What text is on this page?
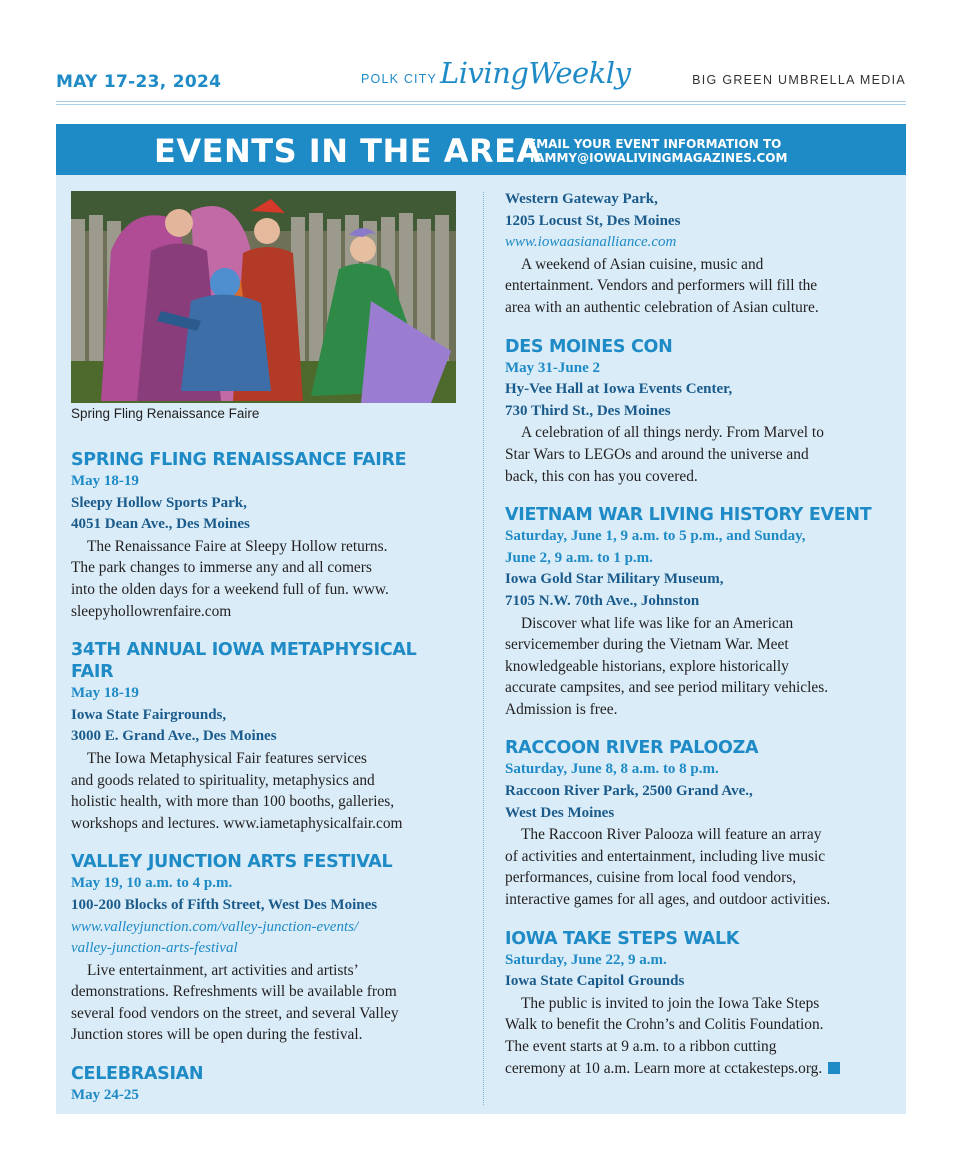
MAY 17-23, 2024	POLK CITY LivingWeekly	BIG GREEN UMBRELLA MEDIA
EVENTS IN THE AREA
EMAIL YOUR EVENT INFORMATION TO
TAMMY@IOWALIVINGMAGAZINES.COM
Spring Fling Renaissance Faire
SPRING FLING RENAISSANCE FAIRE
May 18-19
Sleepy Hollow Sports Park,
4051 Dean Ave., Des Moines
The Renaissance Faire at Sleepy Hollow returns.
The park changes to immerse any and all comers
into the olden days for a weekend full of fun. www.
sleepyhollowrenfaire.com
34TH ANNUAL IOWA METAPHYSICAL FAIR
May 18-19
Iowa State Fairgrounds,
3000 E. Grand Ave., Des Moines
The Iowa Metaphysical Fair features services
and goods related to spirituality, metaphysics and
holistic health, with more than 100 booths, galleries,
workshops and lectures. www.iametaphysicalfair.com
VALLEY JUNCTION ARTS FESTIVAL
May 19, 10 a.m. to 4 p.m.
100-200 Blocks of Fifth Street, West Des Moines
www.valleyjunction.com/valley-junction-events/
valley-junction-arts-festival
Live entertainment, art activities and artists’
demonstrations. Refreshments will be available from
several food vendors on the street, and several Valley
Junction stores will be open during the festival.
CELEBRASIAN
May 24-25
Western Gateway Park,
1205 Locust St, Des Moines
www.iowaasianalliance.com
A weekend of Asian cuisine, music and
entertainment. Vendors and performers will fill the
area with an authentic celebration of Asian culture.
DES MOINES CON
May 31-June 2
Hy-Vee Hall at Iowa Events Center,
730 Third St., Des Moines
A celebration of all things nerdy. From Marvel to
Star Wars to LEGOs and around the universe and
back, this con has you covered.
VIETNAM WAR LIVING HISTORY EVENT
Saturday, June 1, 9 a.m. to 5 p.m., and Sunday,
June 2, 9 a.m. to 1 p.m.
Iowa Gold Star Military Museum,
7105 N.W. 70th Ave., Johnston
Discover what life was like for an American
servicemember during the Vietnam War. Meet
knowledgeable historians, explore historically
accurate campsites, and see period military vehicles.
Admission is free.
RACCOON RIVER PALOOZA
Saturday, June 8, 8 a.m. to 8 p.m.
Raccoon River Park, 2500 Grand Ave.,
West Des Moines
The Raccoon River Palooza will feature an array
of activities and entertainment, including live music
performances, cuisine from local food vendors,
interactive games for all ages, and outdoor activities.
IOWA TAKE STEPS WALK
Saturday, June 22, 9 a.m.
Iowa State Capitol Grounds
The public is invited to join the Iowa Take Steps
Walk to benefit the Crohn’s and Colitis Foundation.
The event starts at 9 a.m. to a ribbon cutting
ceremony at 10 a.m. Learn more at cctakesteps.org.
